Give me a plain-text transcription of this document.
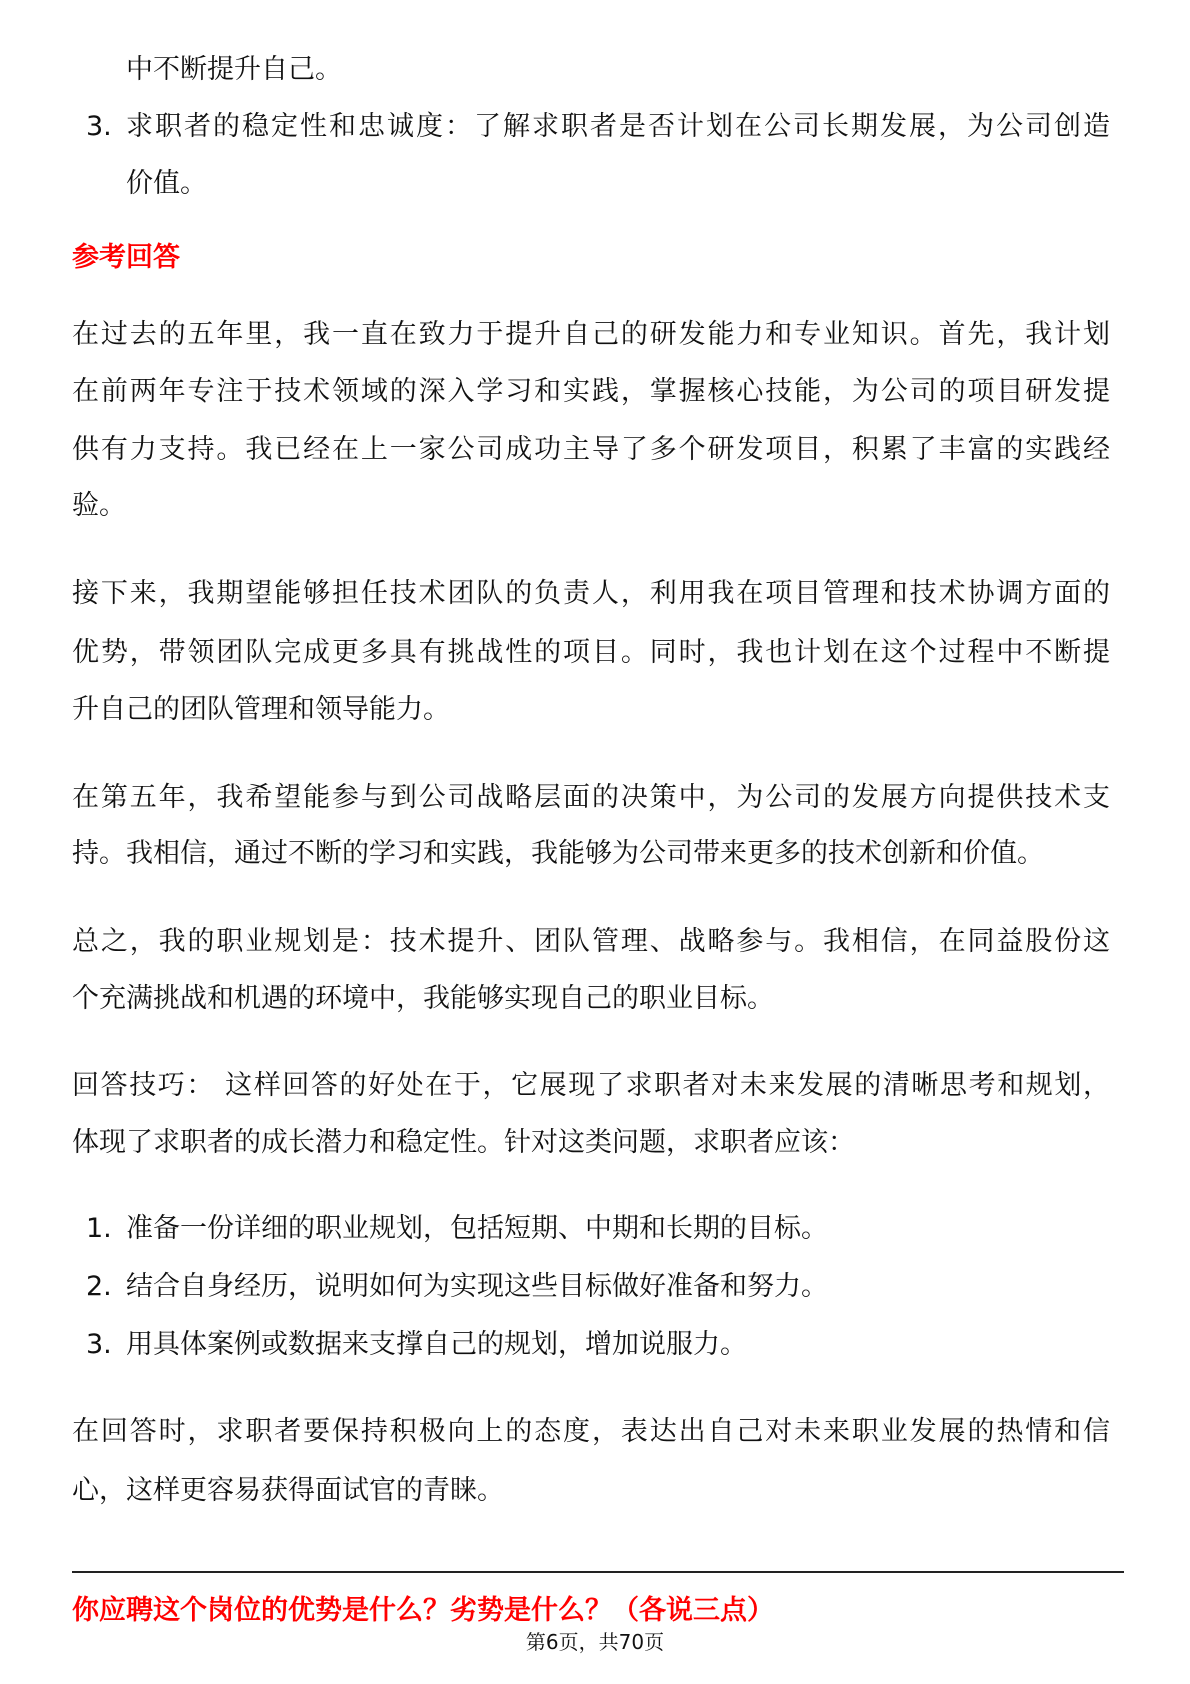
中不断提升自己。
3. 求职者的稳定性和忠诚度：了解求职者是否计划在公司长期发展，为公司创造
价值。
参考回答
在过去的五年里，我一直在致力于提升自己的研发能力和专业知识。首先，我计划
在前两年专注于技术领域的深入学习和实践，掌握核心技能，为公司的项目研发提
供有力支持。我已经在上一家公司成功主导了多个研发项目，积累了丰富的实践经
验。
接下来，我期望能够担任技术团队的负责人，利用我在项目管理和技术协调方面的
优势，带领团队完成更多具有挑战性的项目。同时，我也计划在这个过程中不断提
升自己的团队管理和领导能力。
在第五年，我希望能参与到公司战略层面的决策中，为公司的发展方向提供技术支
持。我相信，通过不断的学习和实践，我能够为公司带来更多的技术创新和价值。
总之，我的职业规划是：技术提升、团队管理、战略参与。我相信，在同益股份这
个充满挑战和机遇的环境中，我能够实现自己的职业目标。
回答技巧： 这样回答的好处在于，它展现了求职者对未来发展的清晰思考和规划，
体现了求职者的成长潜力和稳定性。针对这类问题，求职者应该：
1. 准备一份详细的职业规划，包括短期、中期和长期的目标。
2. 结合自身经历，说明如何为实现这些目标做好准备和努力。
3. 用具体案例或数据来支撑自己的规划，增加说服力。
在回答时，求职者要保持积极向上的态度，表达出自己对未来职业发展的热情和信
心，这样更容易获得面试官的青睐。
你应聘这个岗位的优势是什么？劣势是什么？（各说三点）
第6页，共70页
